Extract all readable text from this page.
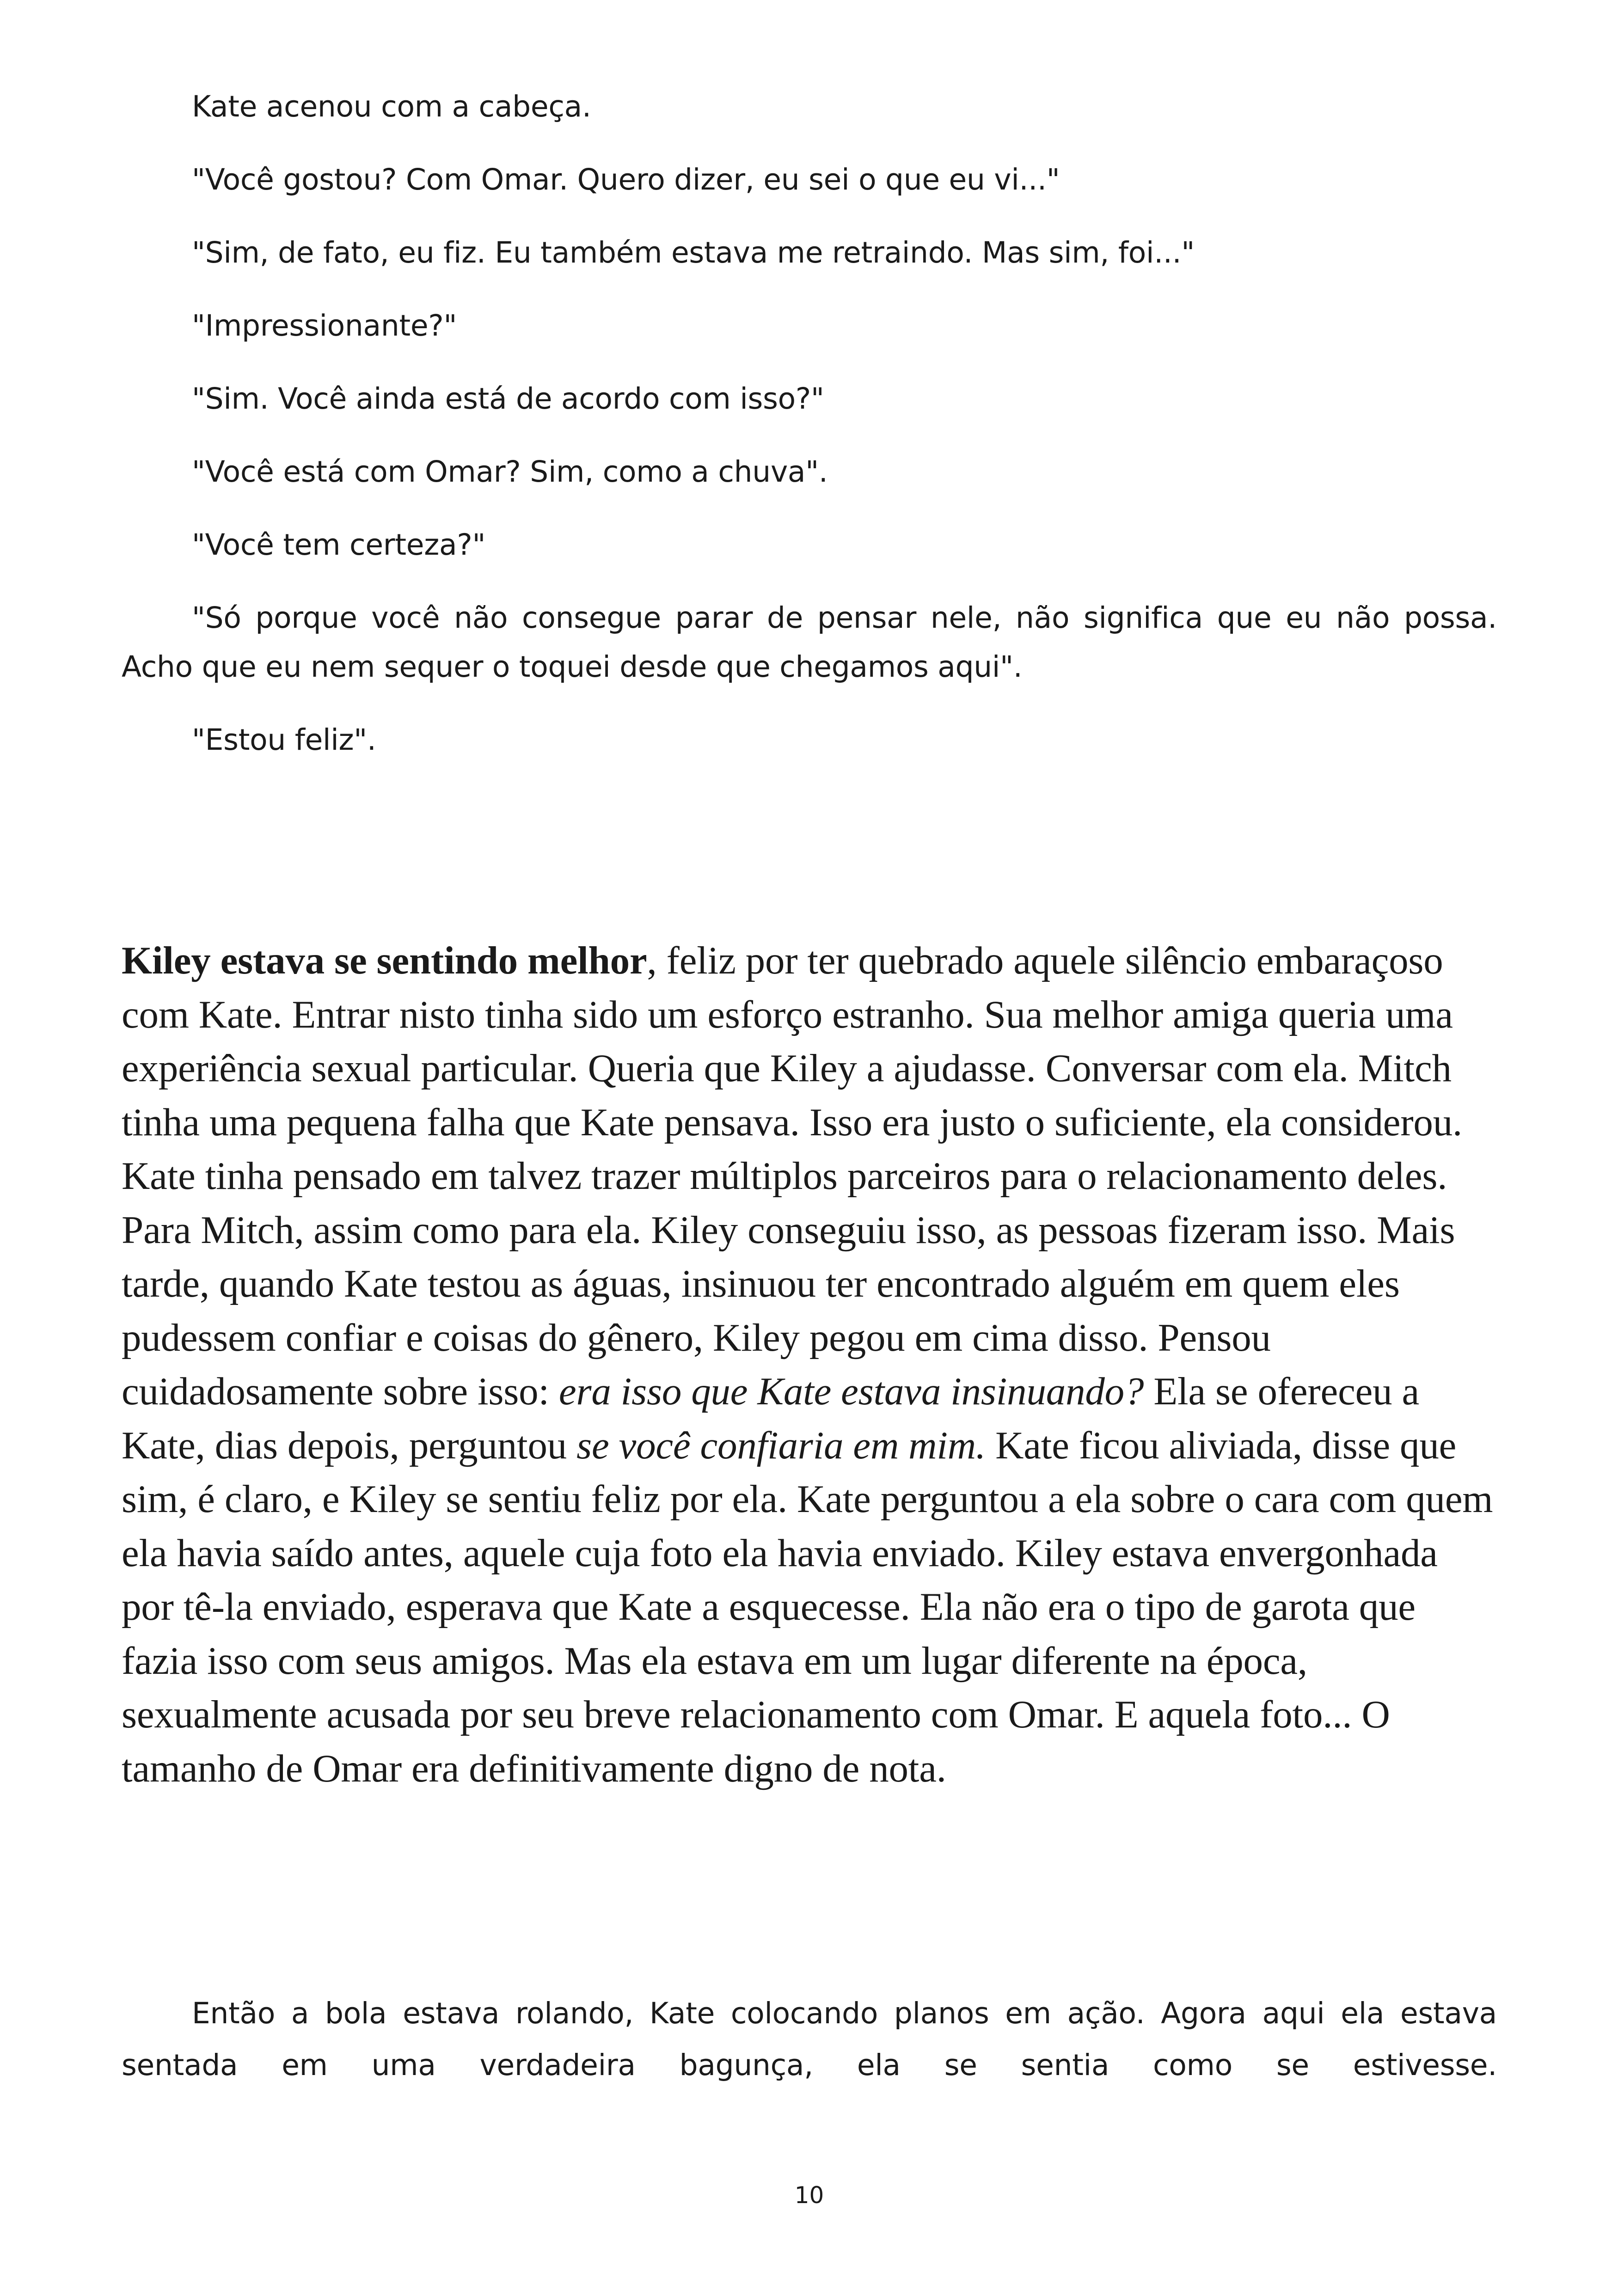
Kate acenou com a cabeça.

"Você gostou? Com Omar. Quero dizer, eu sei o que eu vi..."

"Sim, de fato, eu fiz. Eu também estava me retraindo. Mas sim, foi..."

"Impressionante?"

"Sim. Você ainda está de acordo com isso?"

"Você está com Omar? Sim, como a chuva".

"Você tem certeza?"

"Só porque você não consegue parar de pensar nele, não significa que eu não possa. Acho que eu nem sequer o toquei desde que chegamos aqui".

"Estou feliz".

Kiley estava se sentindo melhor, feliz por ter quebrado aquele silêncio embaraçoso com Kate. Entrar nisto tinha sido um esforço estranho. Sua melhor amiga queria uma experiência sexual particular. Queria que Kiley a ajudasse. Conversar com ela. Mitch tinha uma pequena falha que Kate pensava. Isso era justo o suficiente, ela considerou. Kate tinha pensado em talvez trazer múltiplos parceiros para o relacionamento deles. Para Mitch, assim como para ela. Kiley conseguiu isso, as pessoas fizeram isso. Mais tarde, quando Kate testou as águas, insinuou ter encontrado alguém em quem eles pudessem confiar e coisas do gênero, Kiley pegou em cima disso. Pensou cuidadosamente sobre isso: era isso que Kate estava insinuando? Ela se ofereceu a Kate, dias depois, perguntou se você confiaria em mim. Kate ficou aliviada, disse que sim, é claro, e Kiley se sentiu feliz por ela. Kate perguntou a ela sobre o cara com quem ela havia saído antes, aquele cuja foto ela havia enviado. Kiley estava envergonhada por tê-la enviado, esperava que Kate a esquecesse. Ela não era o tipo de garota que fazia isso com seus amigos. Mas ela estava em um lugar diferente na época, sexualmente acusada por seu breve relacionamento com Omar. E aquela foto... O tamanho de Omar era definitivamente digno de nota.

Então a bola estava rolando, Kate colocando planos em ação. Agora aqui ela estava sentada em uma verdadeira bagunça, ela se sentia como se estivesse.

10
